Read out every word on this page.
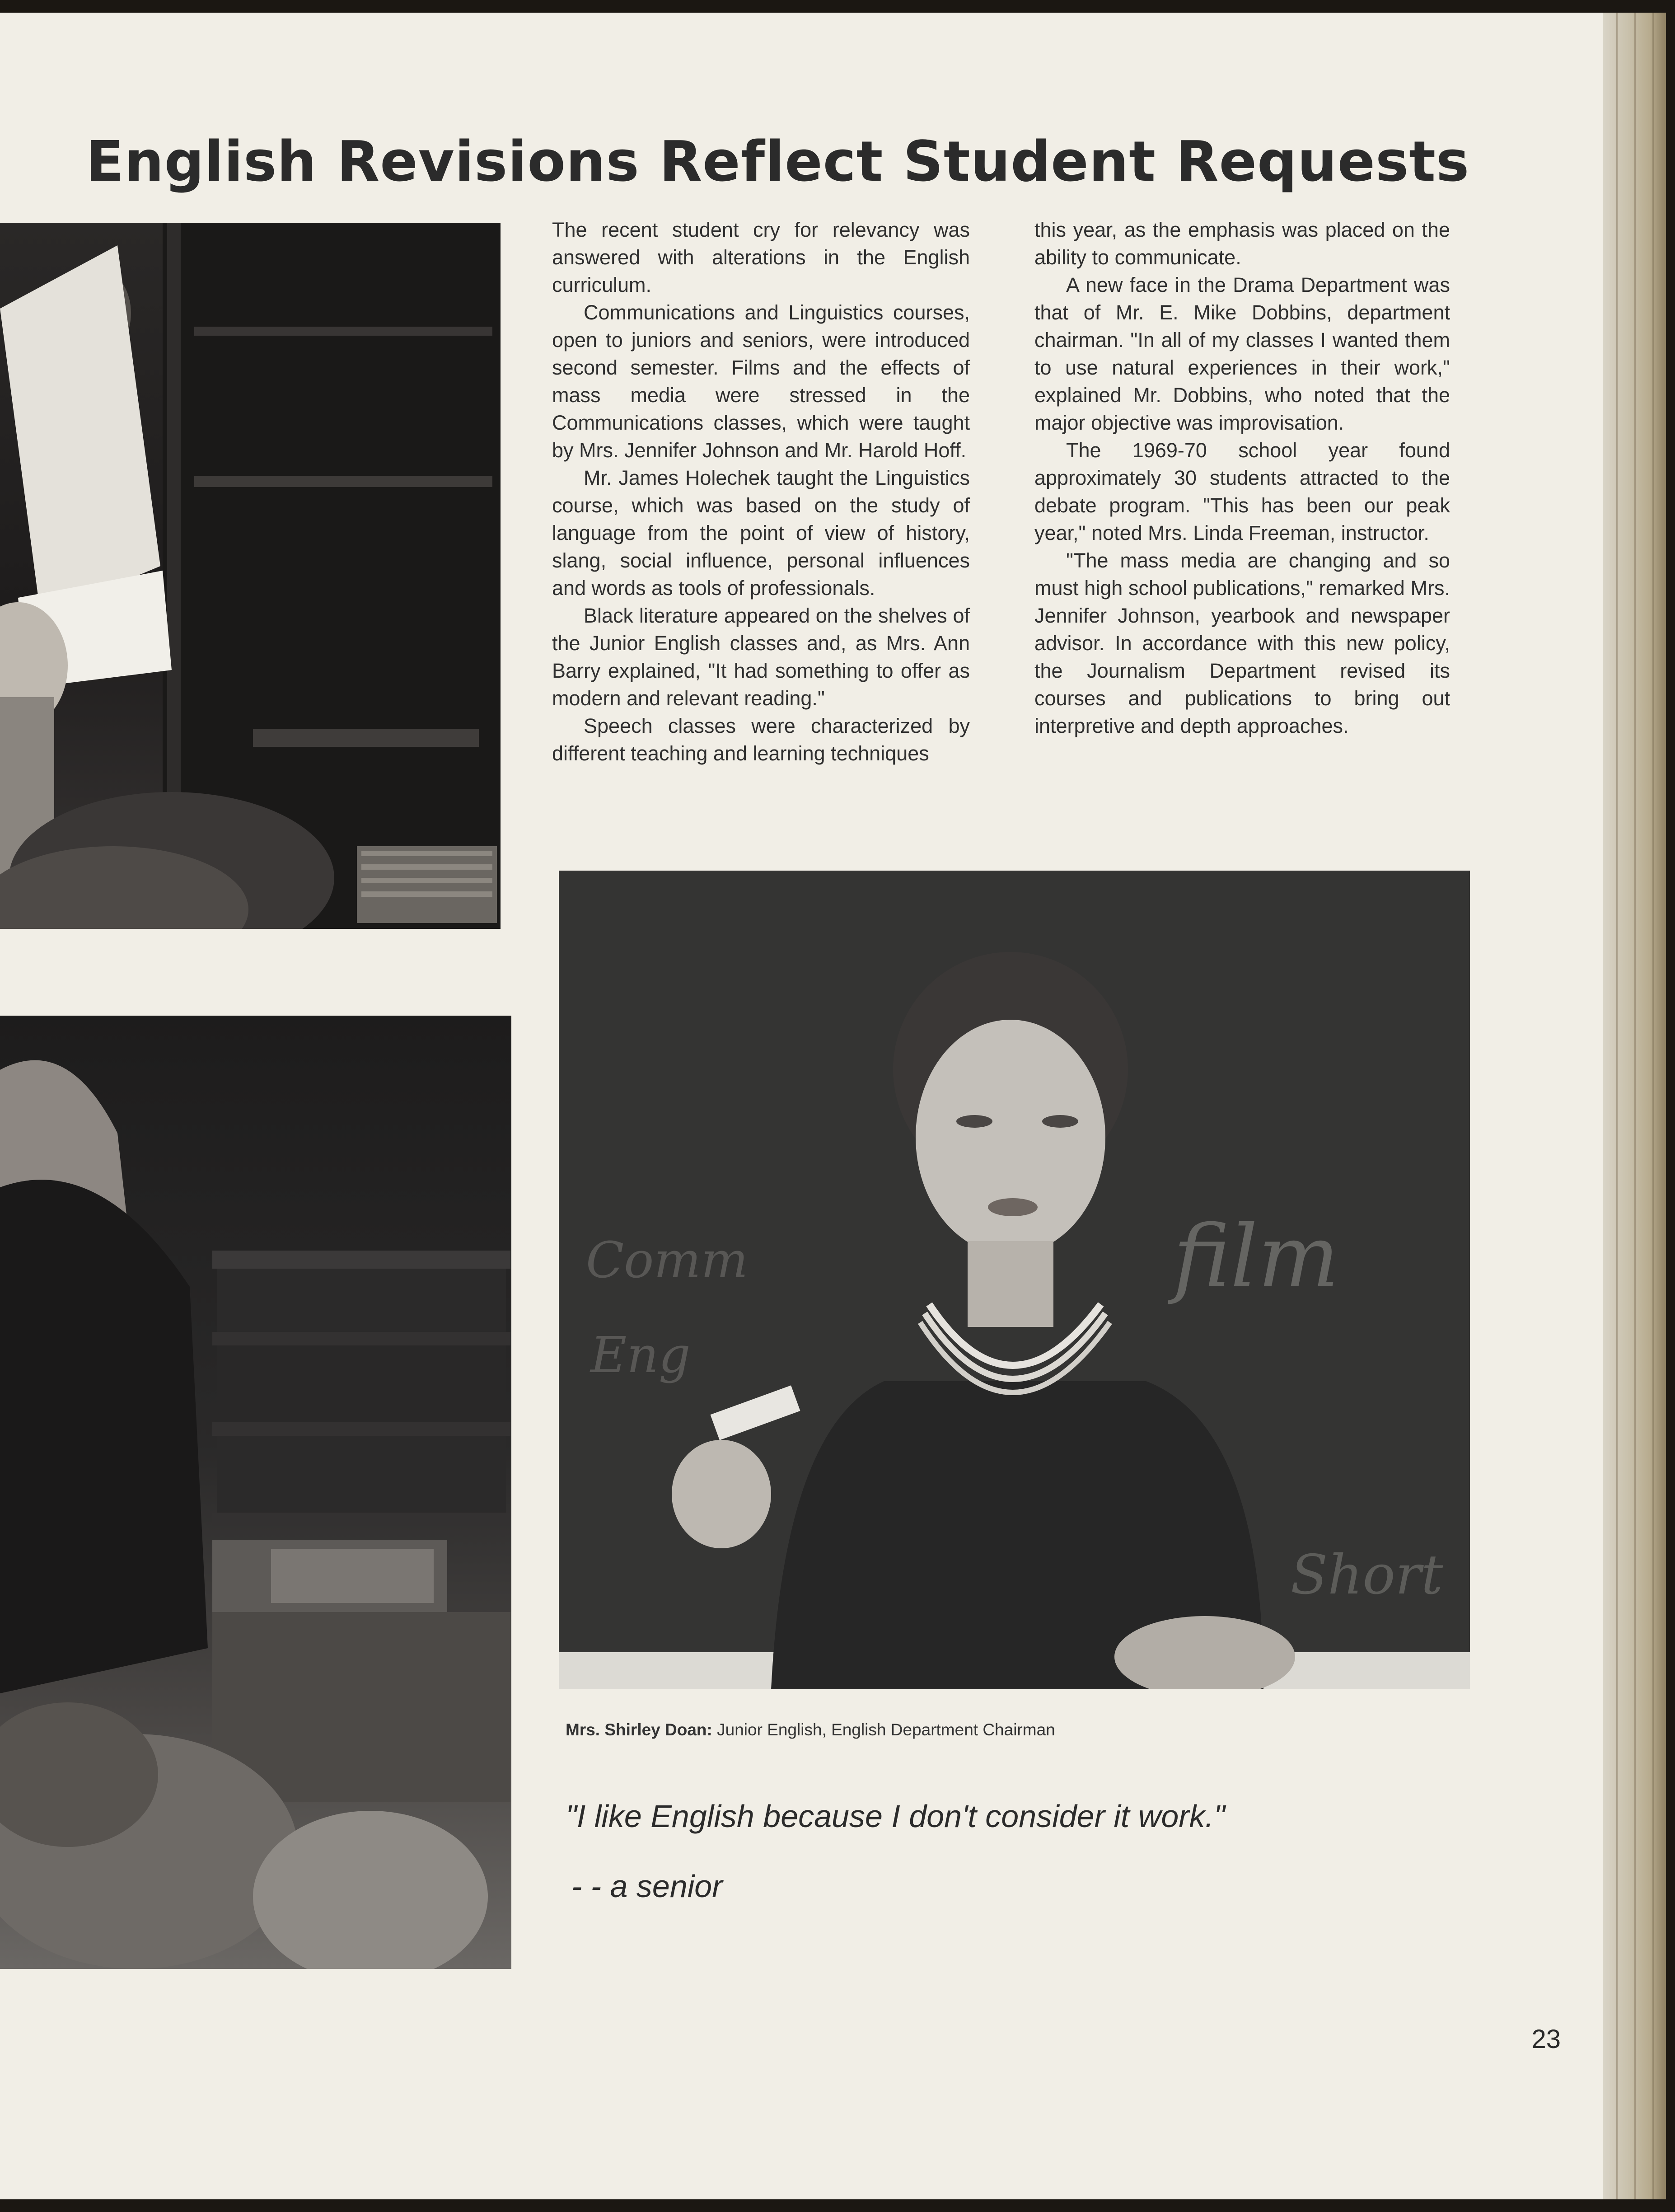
English Revisions Reflect Student Requests
film
Comm
Eng
Short

The recent student cry for relevancy was answered with alterations in the English curriculum.

Communications and Linguistics courses, open to juniors and seniors, were introduced second semester. Films and the effects of mass media were stressed in the Communications classes, which were taught by Mrs. Jennifer Johnson and Mr. Harold Hoff.

Mr. James Holechek taught the Linguistics course, which was based on the study of language from the point of view of history, slang, social influence, personal influences and words as tools of professionals.

Black literature appeared on the shelves of the Junior English classes and, as Mrs. Ann Barry explained, "It had something to offer as modern and relevant reading."

Speech classes were characterized by different teaching and learning techniques

this year, as the emphasis was placed on the ability to communicate.

A new face in the Drama Department was that of Mr. E. Mike Dobbins, department chairman. "In all of my classes I wanted them to use natural experiences in their work," explained Mr. Dobbins, who noted that the major objective was improvisation.

The 1969-70 school year found approximately 30 students attracted to the debate program. "This has been our peak year," noted Mrs. Linda Freeman, instructor.

"The mass media are changing and so must high school publications," remarked Mrs. Jennifer Johnson, yearbook and newspaper advisor. In accordance with this new policy, the Journalism Department revised its courses and publications to bring out interpretive and depth approaches.

Mrs. Shirley Doan: Junior English, English Department Chairman
"I like English because I don't consider it work."
- - a senior
23
